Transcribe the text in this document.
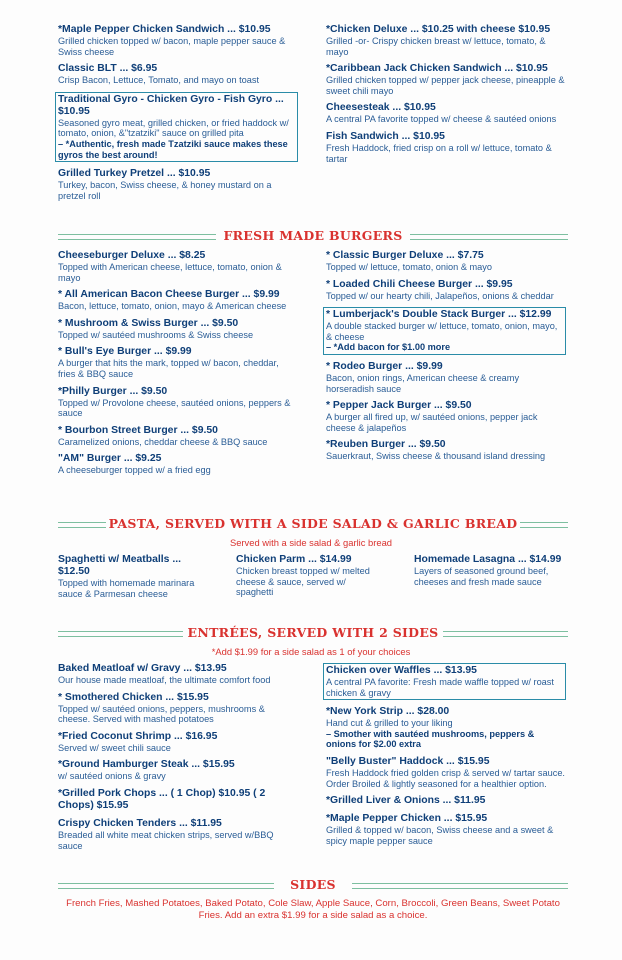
*Maple Pepper Chicken Sandwich ... $10.95
Grilled chicken topped w/ bacon, maple pepper sauce & Swiss cheese
Classic BLT ... $6.95
Crisp Bacon, Lettuce, Tomato, and mayo on toast
Traditional Gyro - Chicken Gyro - Fish Gyro ... $10.95
Seasoned gyro meat, grilled chicken, or fried haddock w/ tomato, onion, &"tzatziki" sauce on grilled pita
– *Authentic, fresh made Tzatziki sauce makes these gyros the best around!
Grilled Turkey Pretzel ... $10.95
Turkey, bacon, Swiss cheese, & honey mustard on a pretzel roll
*Chicken Deluxe ... $10.25 with cheese $10.95
Grilled -or- Crispy chicken breast w/ lettuce, tomato, & mayo
*Caribbean Jack Chicken Sandwich ... $10.95
Grilled chicken topped w/ pepper jack cheese, pineapple & sweet chili mayo
Cheesesteak ... $10.95
A central PA favorite topped w/ cheese & sautéed onions
Fish Sandwich ... $10.95
Fresh Haddock, fried crisp on a roll w/ lettuce, tomato & tartar
FRESH MADE BURGERS
Cheeseburger Deluxe ... $8.25
Topped with American cheese, lettuce, tomato, onion & mayo
* All American Bacon Cheese Burger ... $9.99
Bacon, lettuce, tomato, onion, mayo & American cheese
* Mushroom & Swiss Burger ... $9.50
Topped w/ sautéed mushrooms & Swiss cheese
* Bull's Eye Burger ... $9.99
A burger that hits the mark, topped w/ bacon, cheddar, fries & BBQ sauce
*Philly Burger ... $9.50
Topped w/ Provolone cheese, sautéed onions, peppers & sauce
* Bourbon Street Burger ... $9.50
Caramelized onions, cheddar cheese & BBQ sauce
"AM" Burger ... $9.25
A cheeseburger topped w/ a fried egg
* Classic Burger Deluxe ... $7.75
Topped w/ lettuce, tomato, onion & mayo
* Loaded Chili Cheese Burger ... $9.95
Topped w/ our hearty chili, Jalapeños, onions & cheddar
* Lumberjack's Double Stack Burger ... $12.99
A double stacked burger w/ lettuce, tomato, onion, mayo, & cheese
– *Add bacon for $1.00 more
* Rodeo Burger ... $9.99
Bacon, onion rings, American cheese & creamy horseradish sauce
* Pepper Jack Burger ... $9.50
A burger all fired up, w/ sautéed onions, pepper jack cheese & jalapeños
*Reuben Burger ... $9.50
Sauerkraut, Swiss cheese & thousand island dressing
PASTA, SERVED WITH A SIDE SALAD & GARLIC BREAD
Served with a side salad & garlic bread
Spaghetti w/ Meatballs ... $12.50
Topped with homemade marinara sauce & Parmesan cheese
Chicken Parm ... $14.99
Chicken breast topped w/ melted cheese & sauce, served w/ spaghetti
Homemade Lasagna ... $14.99
Layers of seasoned ground beef, cheeses and fresh made sauce
ENTRÉES, SERVED WITH 2 SIDES
*Add $1.99 for a side salad as 1 of your choices
Baked Meatloaf w/ Gravy ... $13.95
Our house made meatloaf, the ultimate comfort food
* Smothered Chicken ... $15.95
Topped w/ sautéed onions, peppers, mushrooms & cheese. Served with mashed potatoes
*Fried Coconut Shrimp ... $16.95
Served w/ sweet chili sauce
*Ground Hamburger Steak ... $15.95
w/ sautéed onions & gravy
*Grilled Pork Chops ... ( 1 Chop) $10.95 ( 2 Chops) $15.95
Crispy Chicken Tenders ... $11.95
Breaded all white meat chicken strips, served w/BBQ sauce
Chicken over Waffles ... $13.95
A central PA favorite: Fresh made waffle topped w/ roast chicken & gravy
*New York Strip ... $28.00
Hand cut & grilled to your liking
– Smother with sautéed mushrooms, peppers & onions for $2.00 extra
"Belly Buster" Haddock ... $15.95
Fresh Haddock fried golden crisp & served w/ tartar sauce. Order Broiled & lightly seasoned for a healthier option.
*Grilled Liver & Onions ... $11.95
*Maple Pepper Chicken ... $15.95
Grilled & topped w/ bacon, Swiss cheese and a sweet & spicy maple pepper sauce
SIDES
French Fries, Mashed Potatoes, Baked Potato, Cole Slaw, Apple Sauce, Corn, Broccoli, Green Beans, Sweet Potato Fries. Add an extra $1.99 for a side salad as a choice.
